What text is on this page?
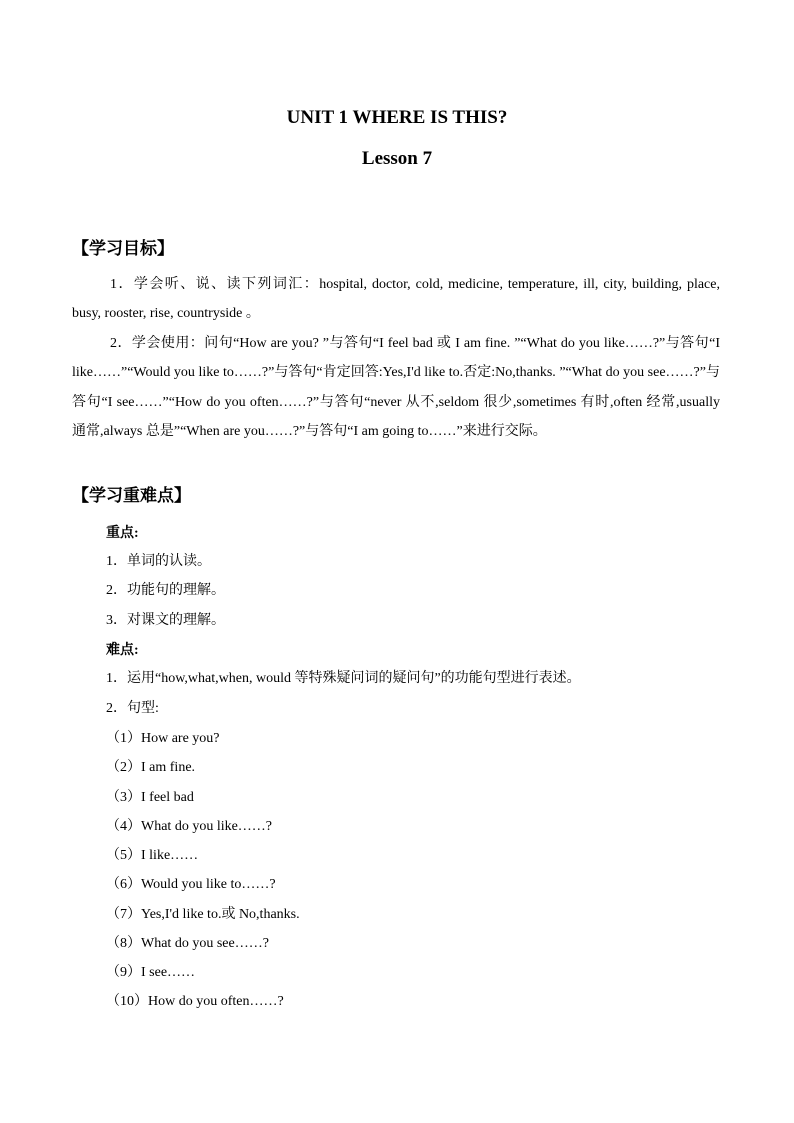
UNIT 1 WHERE IS THIS?
Lesson 7
【学习目标】
1．学会听、说、读下列词汇：hospital, doctor, cold, medicine, temperature, ill, city, building, place, busy, rooster, rise, countryside 。
2．学会使用：问句“How are you? ”与答句“I feel bad 或 I am fine. ”“What do you like……?”与答句“I like……”“Would you like to……?”与答句“肯定回答:Yes,I'd like to.否定:No,thanks. ”“What do you see……?”与答句“I see……”“How do you often……?”与答句“never 从不,seldom 很少,sometimes 有时,often 经常,usually 通常,always 总是”“When are you……?”与答句“I am going to……”来进行交际。
【学习重难点】
重点:
1．单词的认读。
2．功能句的理解。
3．对课文的理解。
难点:
1．运用“how,what,when, would 等特殊疑问词的疑问句”的功能句型进行表述。
2．句型:
（1）How are you?
（2）I am fine.
（3）I feel bad
（4）What do you like……?
（5）I like……
（6）Would you like to……?
（7）Yes,I'd like to.或 No,thanks.
（8）What do you see……?
（9）I see……
（10）How do you often……?
